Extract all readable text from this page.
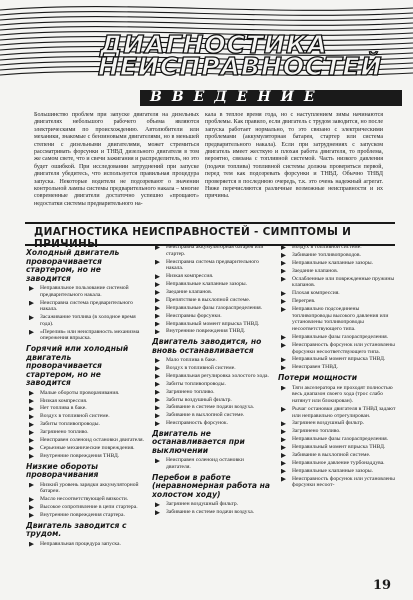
ДИАГНОСТИКА
НЕИСПРАВНОСТЕЙ
ВВЕДЕНИЕ
Большинство проблем при запуске двигателя на дизельных двигателях небольшого рабочего объема являются электрическими по происхождению. Автолюбители или механики, знакомые с бензиновыми двигателями, но в меньшей степени с дизельными двигателями, может стремиться рассматривать форсунки и ТНВД дизельного двигателя в том же самом свете, что и свечи зажигания и распределитель, но это будет ошибкой. При исследовании затруднений при запуске двигателя убедитесь, что используется правильная процедура запуска. Некоторые водители не подозревают о значении контрольной лампы системы предварительного накала – многие современные двигатели достаточно успешно «прощают» недостатки системы предварительного на-
кала в теплое время года, но с наступлением зимы начинаются проблемы. Как правило, если двигатель с трудом заводится, но после запуска работает нормально, то это связано с электрическими проблемами (аккумуляторная батарея, стартер или система предварительного накала). Если при затруднениях с запуском двигатель имеет жесткую и плохая работа двигателя, то проблема, вероятно, связана с топливной системой. Часть низкого давления (подачи топлива) топливной системы должна проверяться первой, перед тем как подозревать форсунки и ТНВД. Обычно ТНВД проверяется в последнюю очередь, т.к. это очень надежный агрегат. Ниже перечисляются различные возможные неисправности и их причины.
ДИАГНОСТИКА НЕИСПРАВНОСТЕЙ - СИМПТОМЫ И ПРИЧИНЫ
Холодный двигатель проворачивается стартером, но не заводится
Неправильное пользование системой предварительного накала.
Неисправна система предварительного накала.
Засаживание топлива (в холодное время года).
«Перелив» или неисправность механизма опережения впрыска.
Горячий или холодный двигатель проворачивается стартером, но не заводится
Малые обороты проворачивания.
Низкая компрессия.
Нет топлива в баке.
Воздух в топливной системе.
Забиты топливопроводы.
Загрязнено топливо.
Неисправен соленоид остановки двигателя.
Серьезные механические повреждения.
Внутренние повреждения ТНВД.
Низкие обороты проворачивания
Низкий уровень зарядки аккумуляторной батареи.
Масло несоответствующей вязкости.
Высокое сопротивление в цепи стартера.
Внутренние повреждения стартера.
Двигатель заводится с трудом.
Неправильная процедура запуска.
Неисправна аккумуляторная батарея или стартер.
Неисправна система предварительного накала.
Низкая компрессия.
Неправильные клапанные зазоры.
Заедание клапанов.
Препятствие в выхлопной системе.
Неправильные фазы газораспределения.
Неисправны форсунки.
Неправильный момент впрыска ТНВД.
Внутренние повреждения ТНВД.
Двигатель заводится, но вновь останавливается
Мало топлива в баке.
Воздух в топливной системе.
Неправильная регулировка холостого хода.
Забиты топливопроводы.
Загрязнено топливо.
Забиты воздушный фильтр.
Забивание в системе подачи воздуха.
Забивание в выхлопной системе.
Неисправность форсунок.
Двигатель не останавливается при выключении
Неисправен соленоид остановки двигателя.
Перебои в работе (неравномерная работа на холостом ходу)
Загрязнен воздушный фильтр.
Забивание в системе подачи воздуха.
Воздух в топливной системе.
Забивание топливопроводов.
Неправильные клапанные зазоры.
Заедание клапанов.
Ослабленные или поврежденные пружины клапанов.
Плохая компрессия.
Перегрев.
Неправильно подсоединены топливопроводы высокого давления или установлены топливопроводы несоответствующего типа.
Неправильные фазы газораспределения.
Неисправность форсунок или установлены форсунки несоответствующего типа.
Неправильный момент впрыска ТНВД.
Неисправен ТНВД.
Потери мощности
Тяги акселератора не проходят полностью весь диапазон своего хода (трос слабо натянут или блокирован).
Рычаг остановки двигателя в ТНВД задают или неправильно отрегулирован.
Загрязнен воздушный фильтр.
Загрязнено топливо.
Неправильные фазы газораспределения.
Неправильный момент впрыска ТНВД.
Забивание в выхлопной системе.
Неправильное давление турбонаддува.
Неправильные клапанные зазоры.
Неисправность форсунок или установлены форсунки несоот-
19
